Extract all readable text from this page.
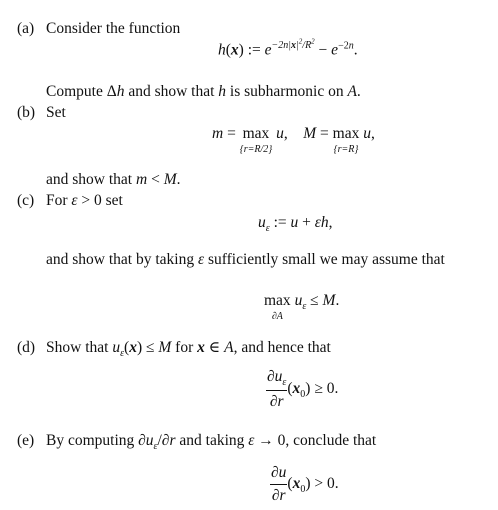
(a) Consider the function
h(x) := $e^{-2n|x|^2/R^2} - e^{-2n}$.
Compute Δh and show that h is subharmonic on A.
(b) Set
m = max
{r=R/2}
u,    M = max
{r=R}
u,
and show that m < M.
(c) For ε > 0 set
$u_\varepsilon$ := u + εh,
and show that by taking ε sufficiently small we may assume that
max
∂A
$u_\varepsilon \le M$.
(d) Show that $u_\varepsilon(x) \le M$ for x ∈ A, and hence that
$\frac{\partial u_\varepsilon}{\partial r} (x_0) \ge 0$.
(e) By computing $\partial u_\varepsilon/\partial r$ and taking ε → 0, conclude that
$\frac{\partial u}{\partial r} (x_0) > 0$.
